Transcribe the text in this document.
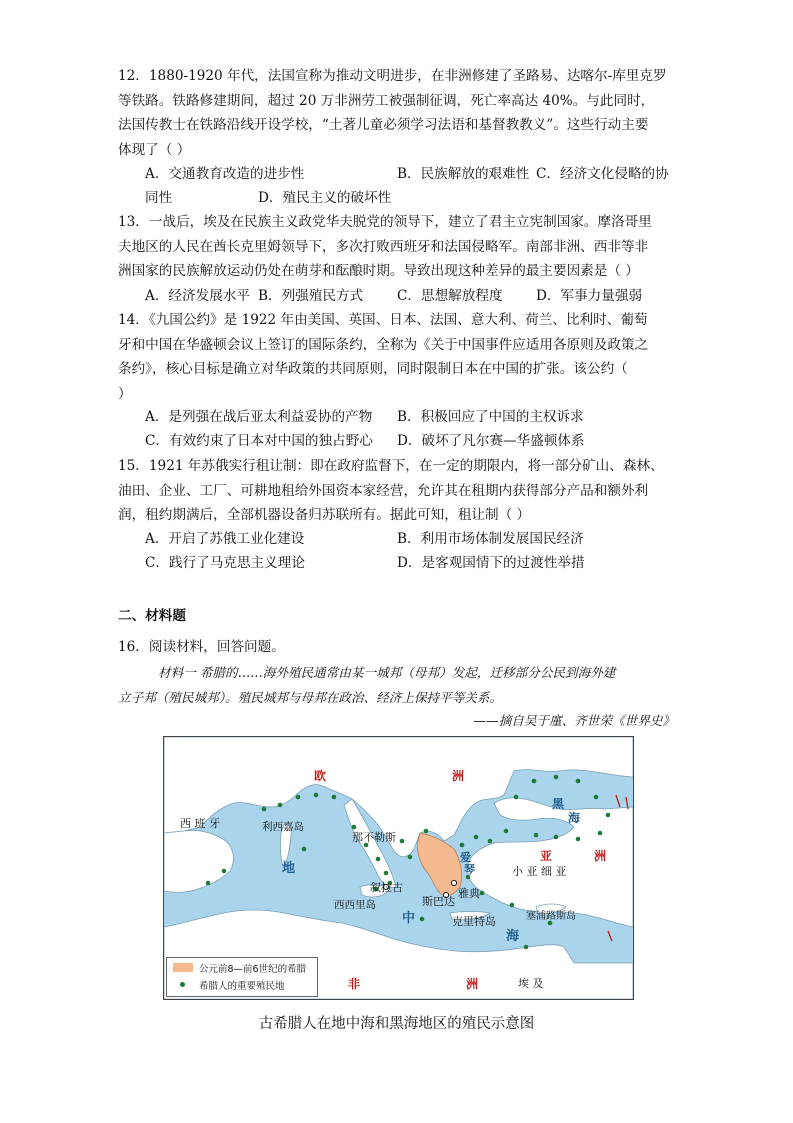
12．1880-1920 年代，法国宣称为推动文明进步，在非洲修建了圣路易、达喀尔-库里克罗
等铁路。铁路修建期间，超过 20 万非洲劳工被强制征调，死亡率高达 40%。与此同时，
法国传教士在铁路沿线开设学校，“土著儿童必须学习法语和基督教教义”。这些行动主要
体现了（ ）
A．交通教育改造的进步性	B．民族解放的艰难性 C．经济文化侵略的协
同性	D．殖民主义的破坏性
13．一战后，埃及在民族主义政党华夫脱党的领导下，建立了君主立宪制国家。摩洛哥里
夫地区的人民在酋长克里姆领导下，多次打败西班牙和法国侵略军。南部非洲、西非等非
洲国家的民族解放运动仍处在萌芽和酝酿时期。导致出现这种差异的最主要因素是（ ）
A．经济发展水平 B．列强殖民方式 C．思想解放程度 D．军事力量强弱
14．《九国公约》是 1922 年由美国、英国、日本、法国、意大利、荷兰、比利时、葡萄
牙和中国在华盛顿会议上签订的国际条约，全称为《关于中国事件应适用各原则及政策之
条约》，核心目标是确立对华政策的共同原则，同时限制日本在中国的扩张。该公约（
）
A．是列强在战后亚太利益妥协的产物 B．积极回应了中国的主权诉求
C．有效约束了日本对中国的独占野心 D．破坏了凡尔赛—华盛顿体系
15．1921 年苏俄实行租让制：即在政府监督下，在一定的期限内，将一部分矿山、森林、
油田、企业、工厂、可耕地租给外国资本家经营，允许其在租期内获得部分产品和额外利
润，租约期满后，全部机器设备归苏联所有。据此可知，租让制（ ）
A．开启了苏俄工业化建设	B．利用市场体制发展国民经济
C．践行了马克思主义理论	D．是客观国情下的过渡性举措
二、材料题
16．阅读材料，回答问题。
材料一 希腊的……海外殖民通常由某一城邦（母邦）发起，迁移部分公民到海外建
立子邦（殖民城邦）。殖民城邦与母邦在政治、经济上保持平等关系。
——摘自吴于廑、齐世荣《世界史》
欧	洲
西 班 牙	利西嘉岛
那不勒斯
地
叙拉古
西西里岛
中
斯巴达
雅典
爱
琴
克里特岛
海
塞浦路斯岛
小 亚 细 亚
亚	洲
黑
海
非	洲	埃 及
公元前8—前6世纪的希腊
希腊人的重要殖民地
古希腊人在地中海和黑海地区的殖民示意图
